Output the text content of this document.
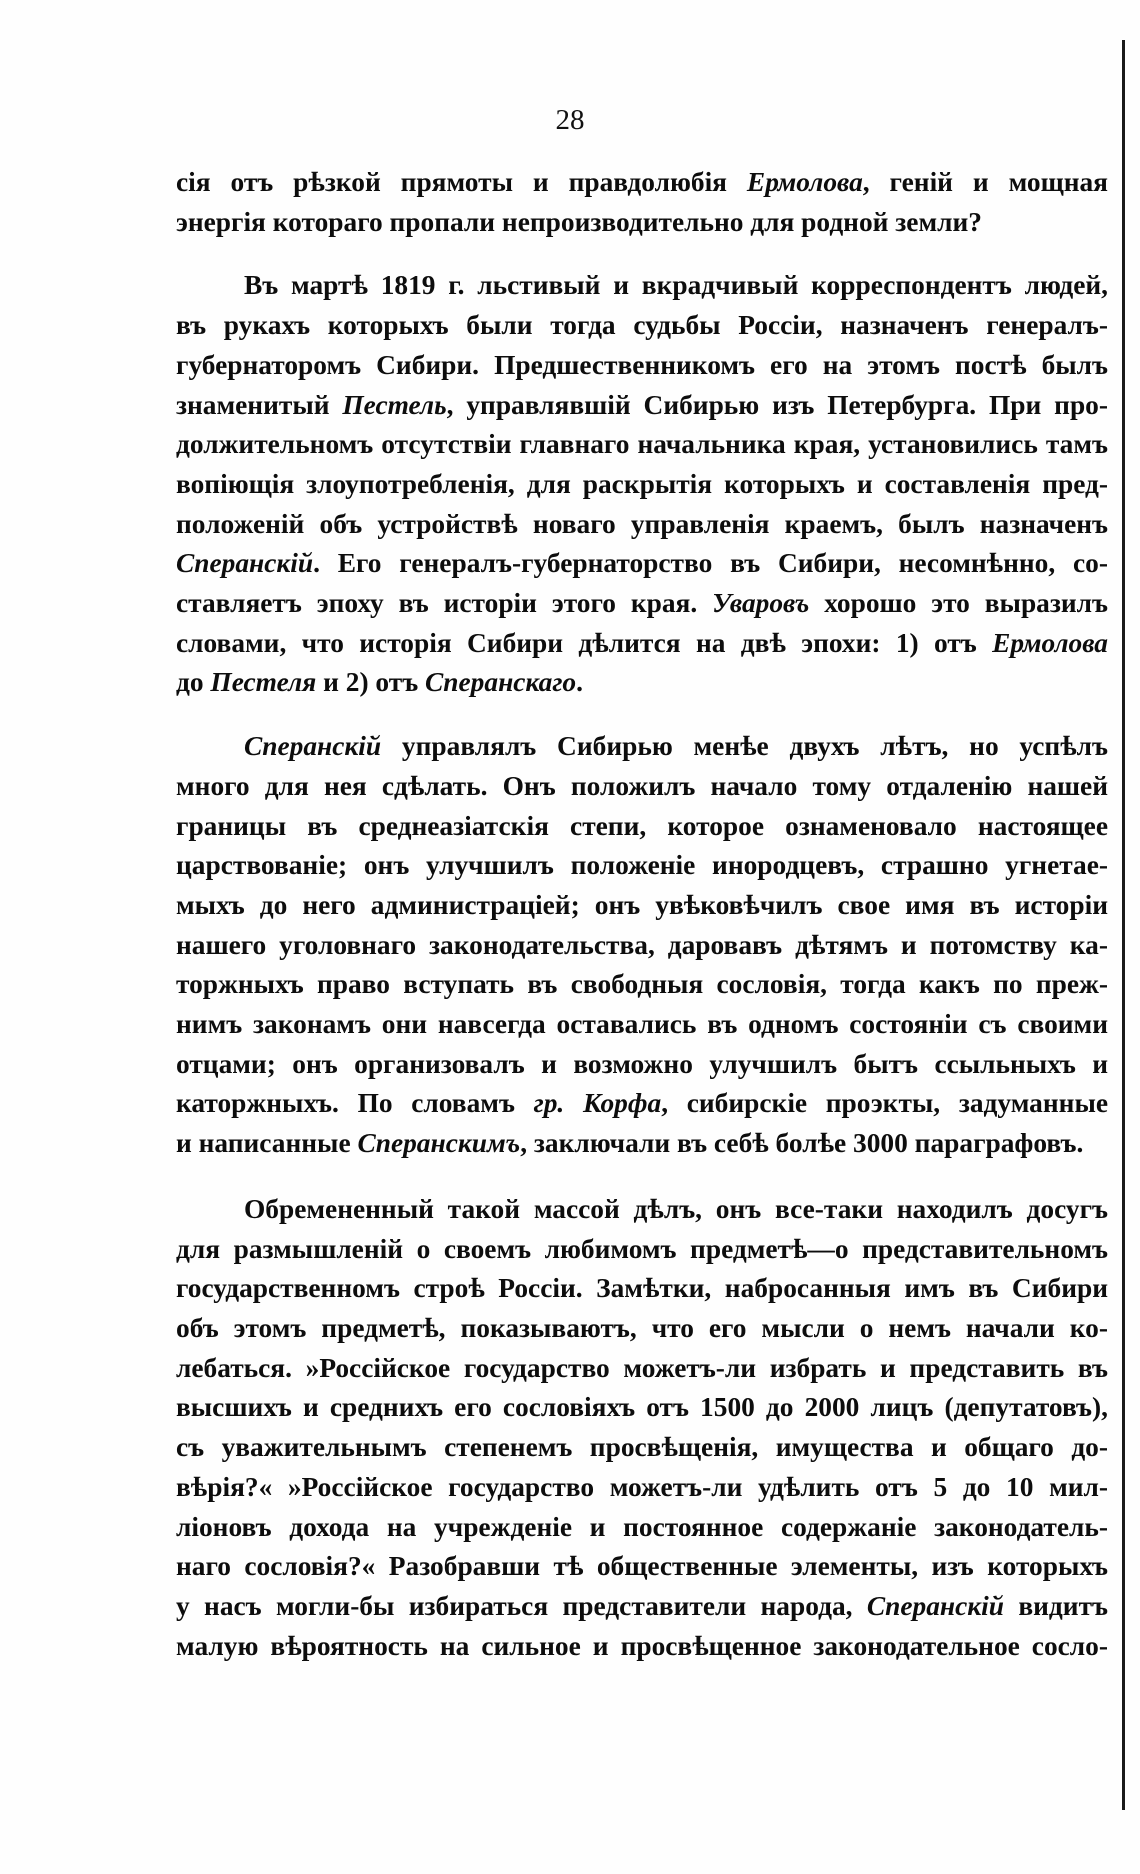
28
сія отъ рѣзкой прямоты и правдолюбія Ермолова, геній и мощная
энергія котораго пропали непроизводительно для родной земли?
Въ мартѣ 1819 г. льстивый и вкрадчивый корреспондентъ людей,
въ рукахъ которыхъ были тогда судьбы Россіи, назначенъ генералъ-
губернаторомъ Сибири. Предшественникомъ его на этомъ постѣ былъ
знаменитый Пестель, управлявшій Сибирью изъ Петербурга. При про-
должительномъ отсутствіи главнаго начальника края, установились тамъ
вопіющія злоупотребленія, для раскрытія которыхъ и составленія пред-
положеній объ устройствѣ новаго управленія краемъ, былъ назначенъ
Сперанскій. Его генералъ-губернаторство въ Сибири, несомнѣнно, со-
ставляетъ эпоху въ исторіи этого края. Уваровъ хорошо это выразилъ
словами, что исторія Сибири дѣлится на двѣ эпохи: 1) отъ Ермолова
до Пестеля и 2) отъ Сперанскаго.
Сперанскій управлялъ Сибирью менѣе двухъ лѣтъ, но успѣлъ
много для нея сдѣлать. Онъ положилъ начало тому отдаленію нашей
границы въ среднеазіатскія степи, которое ознаменовало настоящее
царствованіе; онъ улучшилъ положеніе инородцевъ, страшно угнетае-
мыхъ до него администраціей; онъ увѣковѣчилъ свое имя въ исторіи
нашего уголовнаго законодательства, даровавъ дѣтямъ и потомству ка-
торжныхъ право вступать въ свободныя сословія, тогда какъ по преж-
нимъ законамъ они навсегда оставались въ одномъ состояніи съ своими
отцами; онъ организовалъ и возможно улучшилъ бытъ ссыльныхъ и
каторжныхъ. По словамъ гр. Корфа, сибирскіе проэкты, задуманные
и написанные Сперанскимъ, заключали въ себѣ болѣе 3000 параграфовъ.
Обремененный такой массой дѣлъ, онъ все-таки находилъ досугъ
для размышленій о своемъ любимомъ предметѣ—о представительномъ
государственномъ строѣ Россіи. Замѣтки, набросанныя имъ въ Сибири
объ этомъ предметѣ, показываютъ, что его мысли о немъ начали ко-
лебаться. »Россійское государство можетъ-ли избрать и представить въ
высшихъ и среднихъ его сословіяхъ отъ 1500 до 2000 лицъ (депутатовъ),
съ уважительнымъ степенемъ просвѣщенія, имущества и общаго до-
вѣрія?« »Россійское государство можетъ-ли удѣлить отъ 5 до 10 мил-
ліоновъ дохода на учрежденіе и постоянное содержаніе законодатель-
наго сословія?« Разобравши тѣ общественные элементы, изъ которыхъ
у насъ могли-бы избираться представители народа, Сперанскій видитъ
малую вѣроятность на сильное и просвѣщенное законодательное сосло-
